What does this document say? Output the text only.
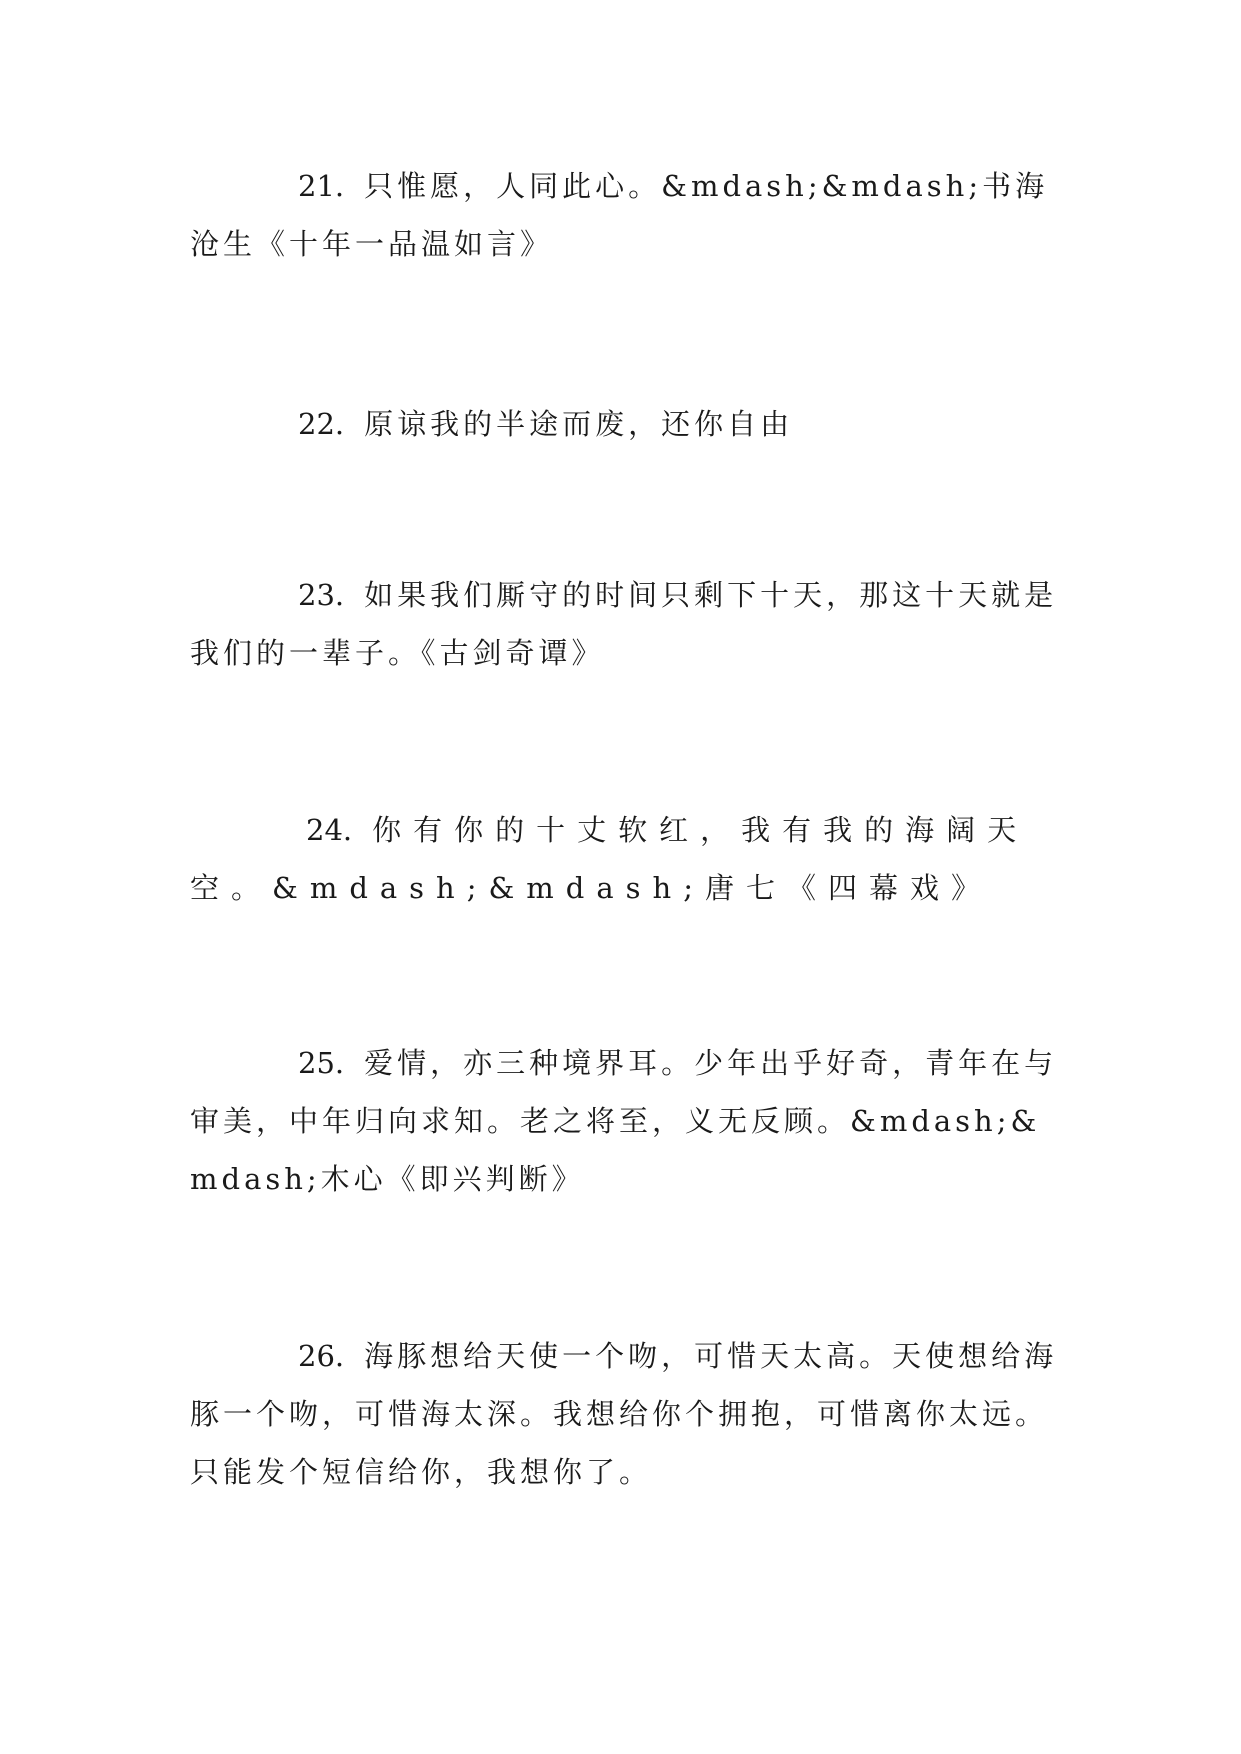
21. 只惟愿，人同此心。&mdash;&mdash;书海沧生《十年一品温如言》

22. 原谅我的半途而废，还你自由

23. 如果我们厮守的时间只剩下十天，那这十天就是我们的一辈子。《古剑奇谭》

24. 你有你的十丈软红，我有我的海阔天空。&mdash;&mdash;唐七《四幕戏》

25. 爱情，亦三种境界耳。少年出乎好奇，青年在与审美，中年归向求知。老之将至，义无反顾。&mdash;&mdash;木心《即兴判断》

26. 海豚想给天使一个吻，可惜天太高。天使想给海豚一个吻，可惜海太深。我想给你个拥抱，可惜离你太远。只能发个短信给你，我想你了。
